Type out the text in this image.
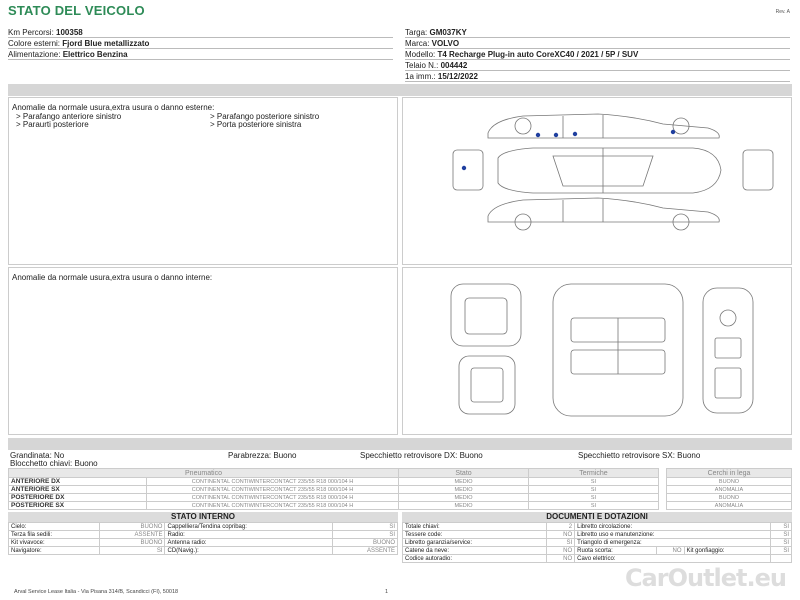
STATO DEL VEICOLO	Rev. A
Km Percorsi: 100358
Colore esterni: Fjord Blue metallizzato
Alimentazione: Elettrico Benzina
Targa: GM037KY
Marca: VOLVO
Modello: T4 Recharge Plug-in auto CoreXC40 / 2021 / 5P / SUV
Telaio N.: 004442
1a imm.: 15/12/2022
Anomalie da normale usura,extra usura o danno esterne:
> Parafango anteriore sinistro
> Paraurti posteriore
> Parafango posteriore sinistro
> Porta posteriore sinistra
Anomalie da normale usura,extra usura o danno interne:
Grandinata: No	Parabrezza: Buono	Specchietto retrovisore DX: Buono	Specchietto retrovisore SX: Buono
Blocchetto chiavi: Buono
Pneumatico		Stato	Termiche		Cerchi in lega
ANTERIORE DX	CONTINENTAL CONTIWINTERCONTACT 235/55 R18 000/104 H	MEDIO	SI		BUONO
ANTERIORE SX	CONTINENTAL CONTIWINTERCONTACT 235/55 R18 000/104 H	MEDIO	SI		ANOMALIA
POSTERIORE DX	CONTINENTAL CONTIWINTERCONTACT 235/55 R18 000/104 H	MEDIO	SI		BUONO
POSTERIORE SX	CONTINENTAL CONTIWINTERCONTACT 235/55 R18 000/104 H	MEDIO	SI		ANOMALIA
STATO INTERNO
Cielo:	BUONO	Cappelliera/Tendina copribag:	SI
Terza fila sedili:	ASSENTE	Radio:	SI
Kit vivavoce:	BUONO	Antenna radio:	BUONO
Navigatore:	SI	CD(Navig.):	ASSENTE
DOCUMENTI E DOTAZIONI
Totale chiavi:	2	Libretto circolazione:			SI
Tessere code:	NO	Libretto uso e manutenzione:			SI
Libretto garanzia/service:	SI	Triangolo di emergenza:			SI
Catene da neve:	NO	Ruota scorta:	NO	Kit gonfiaggio:	SI
Codice autoradio:	NO	Cavo elettrico:			
Arval Service Lease Italia - Via Pisana 314/B, Scandicci (FI), 50018	1	CarOutlet.eu
